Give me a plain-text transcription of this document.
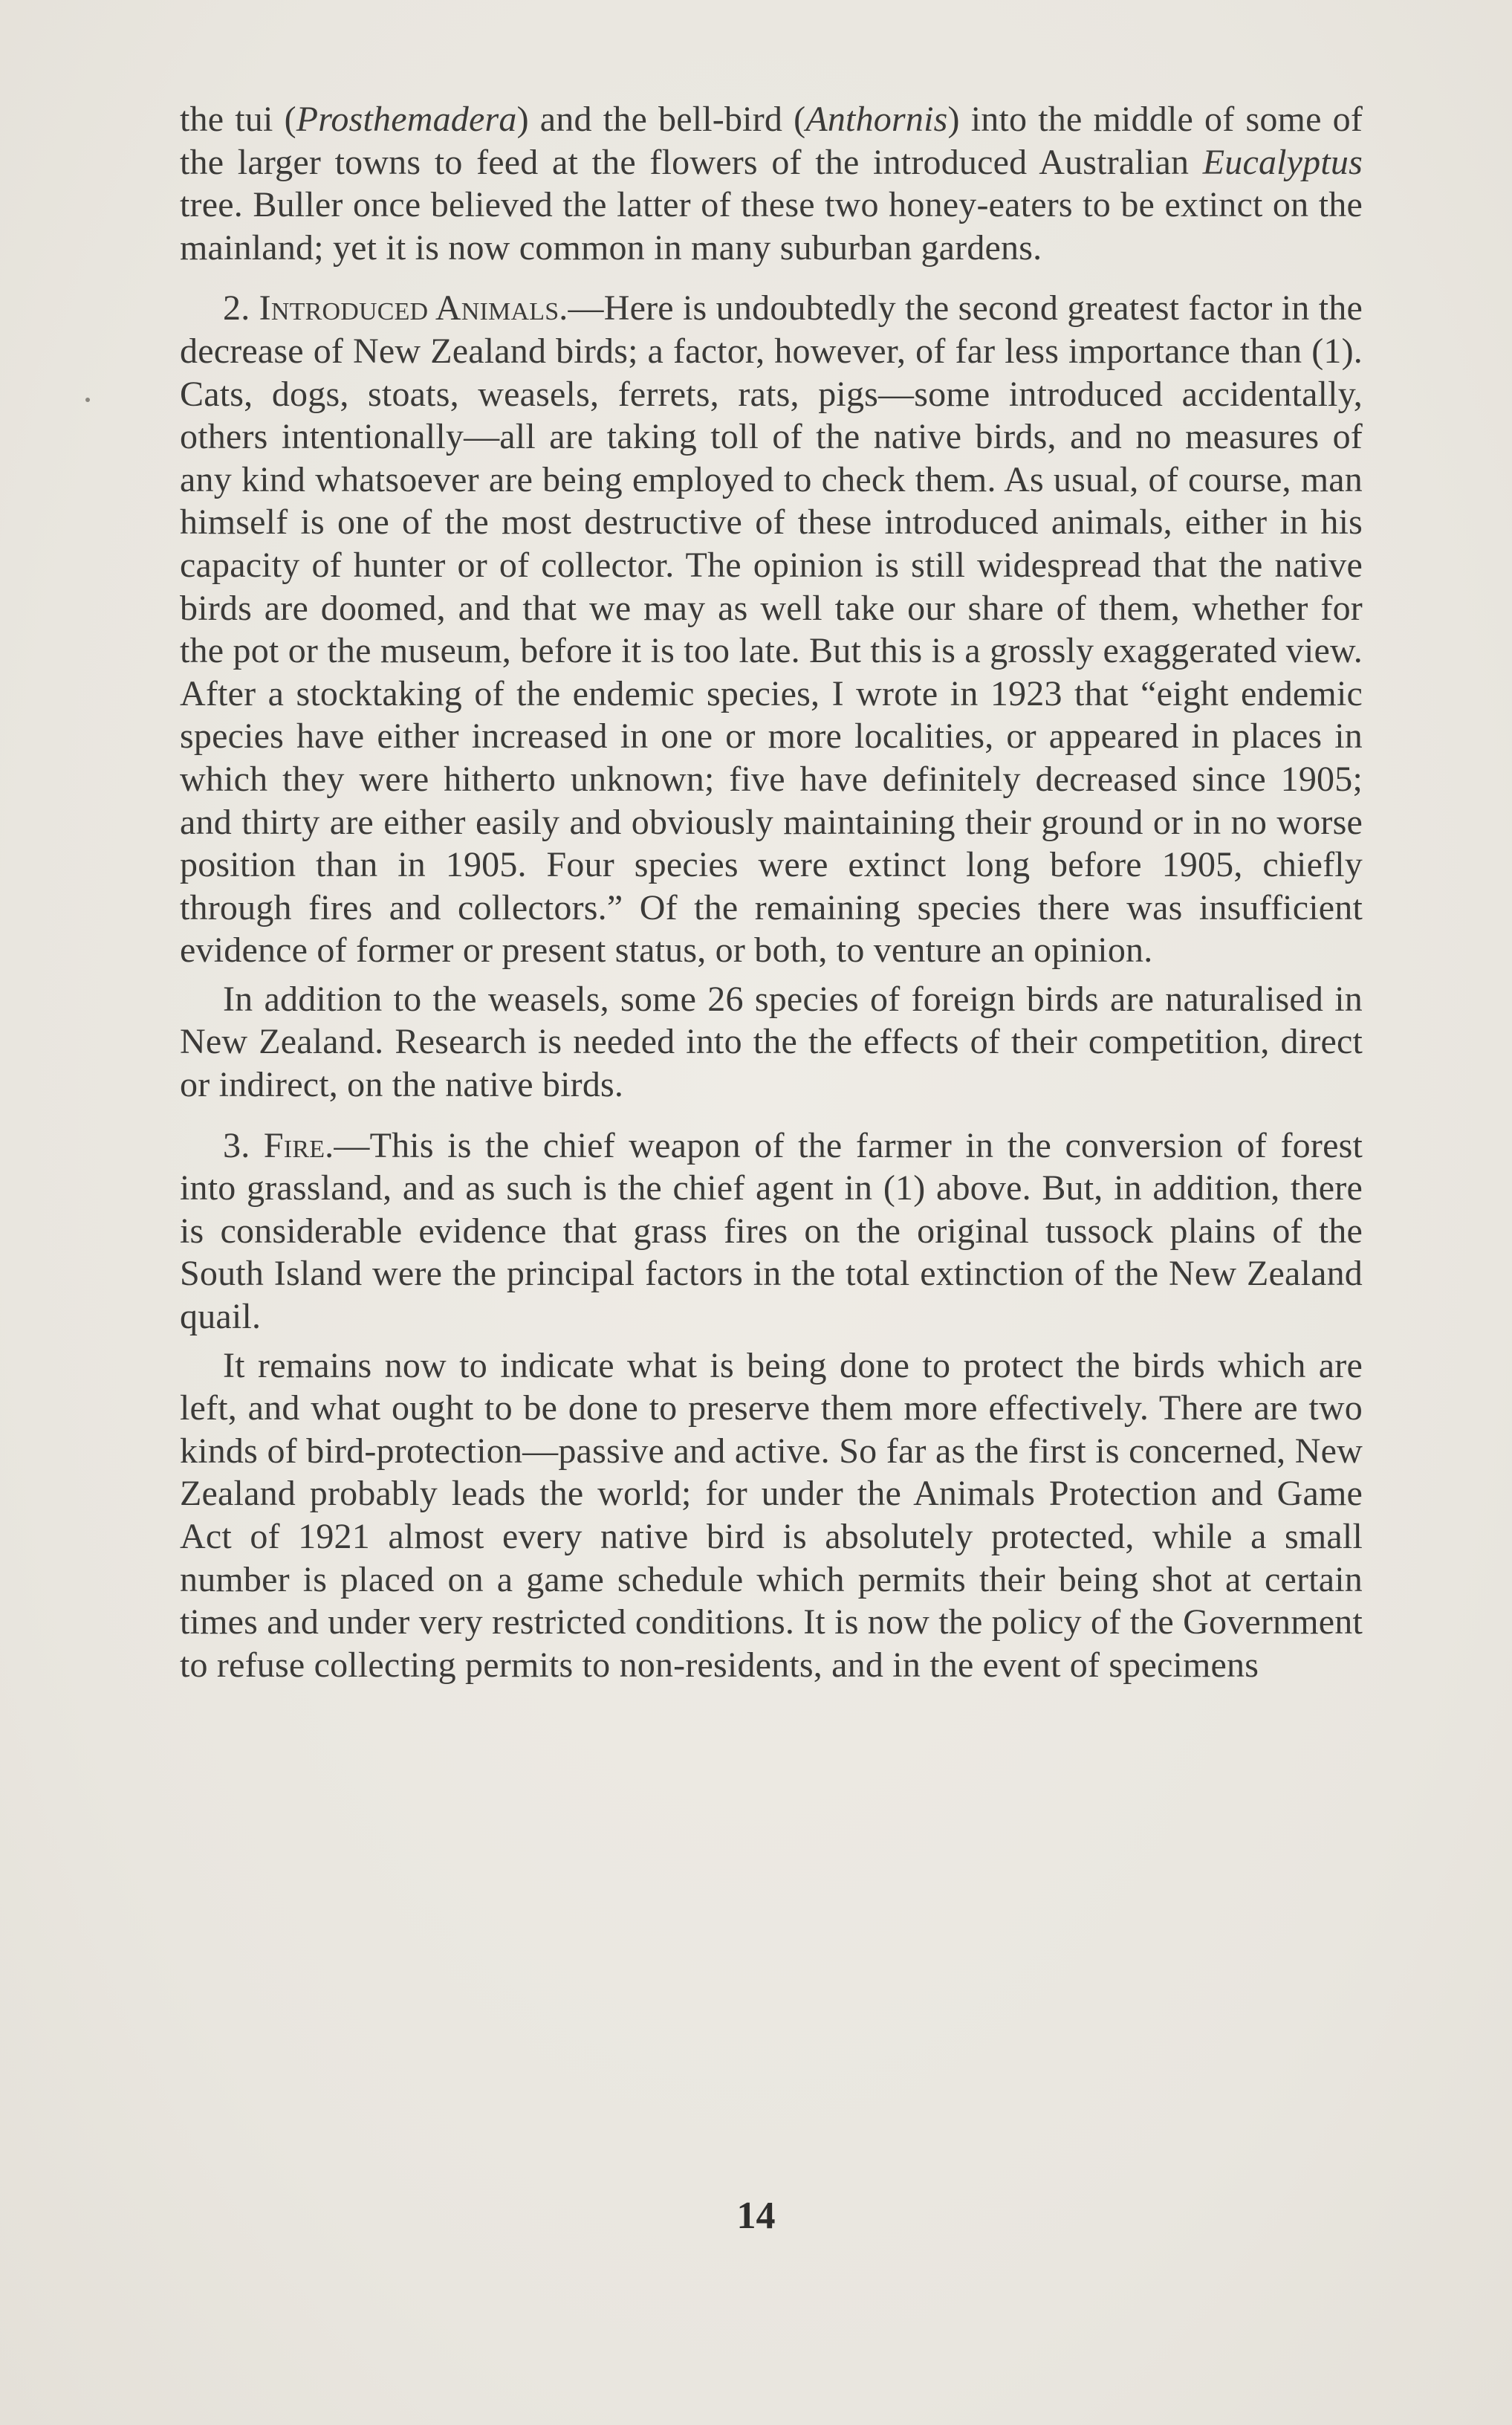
the tui (Prosthemadera) and the bell-bird (Anthornis) into the middle of some of the larger towns to feed at the flowers of the introduced Australian Eucalyptus tree. Buller once believed the latter of these two honey-eaters to be extinct on the mainland; yet it is now common in many suburban gardens.

2. Introduced Animals.—Here is undoubtedly the second greatest factor in the decrease of New Zealand birds; a factor, however, of far less importance than (1). Cats, dogs, stoats, weasels, ferrets, rats, pigs—some introduced accidentally, others intentionally—all are taking toll of the native birds, and no measures of any kind whatsoever are being employed to check them. As usual, of course, man himself is one of the most destructive of these introduced animals, either in his capacity of hunter or of collector. The opinion is still widespread that the native birds are doomed, and that we may as well take our share of them, whether for the pot or the museum, before it is too late. But this is a grossly exaggerated view. After a stocktaking of the endemic species, I wrote in 1923 that “eight endemic species have either increased in one or more localities, or appeared in places in which they were hitherto unknown; five have definitely decreased since 1905; and thirty are either easily and obviously maintaining their ground or in no worse position than in 1905. Four species were extinct long before 1905, chiefly through fires and collectors.” Of the remaining species there was insufficient evidence of former or present status, or both, to venture an opinion.

In addition to the weasels, some 26 species of foreign birds are naturalised in New Zealand. Research is needed into the the effects of their competition, direct or indirect, on the native birds.

3. Fire.—This is the chief weapon of the farmer in the conversion of forest into grassland, and as such is the chief agent in (1) above. But, in addition, there is considerable evidence that grass fires on the original tussock plains of the South Island were the principal factors in the total extinction of the New Zealand quail.

It remains now to indicate what is being done to protect the birds which are left, and what ought to be done to preserve them more effectively. There are two kinds of bird-protection—passive and active. So far as the first is concerned, New Zealand probably leads the world; for under the Animals Protection and Game Act of 1921 almost every native bird is absolutely protected, while a small number is placed on a game schedule which permits their being shot at certain times and under very restricted conditions. It is now the policy of the Government to refuse collecting permits to non-residents, and in the event of specimens

14
